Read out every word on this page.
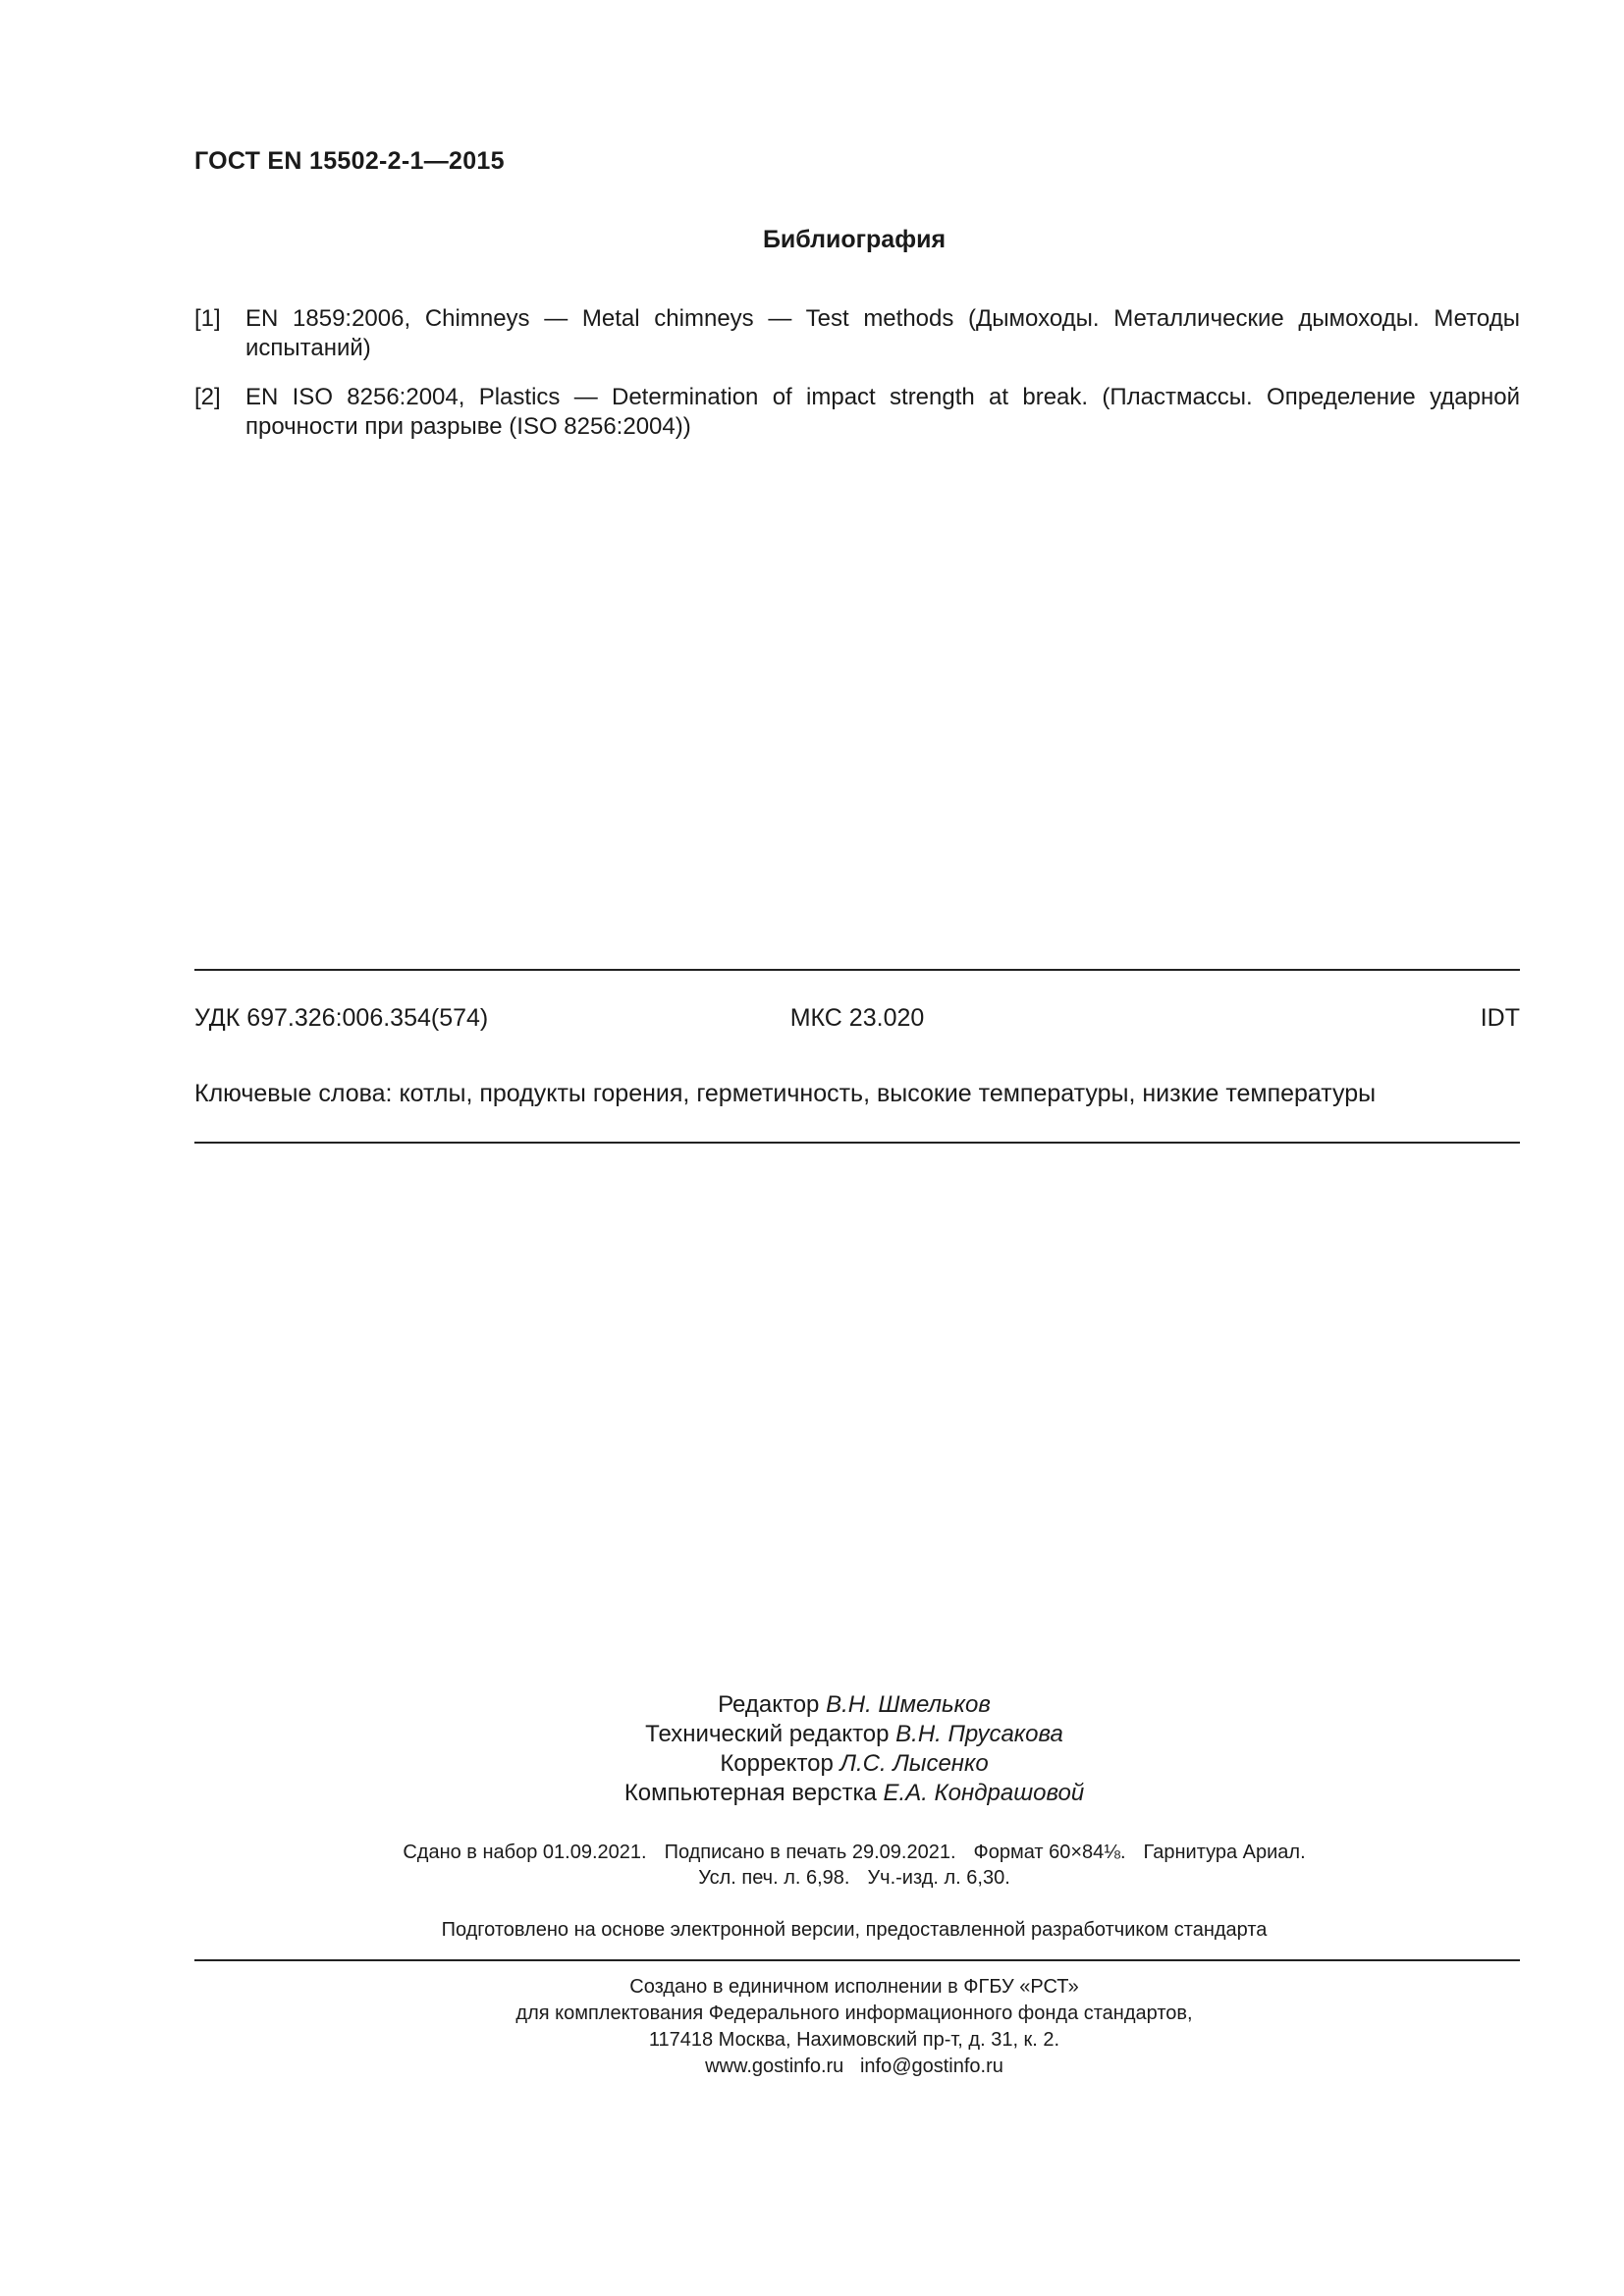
ГОСТ EN 15502-2-1—2015
Библиография
[1]	EN 1859:2006, Chimneys — Metal chimneys — Test methods (Дымоходы. Металлические дымоходы. Методы испытаний)
[2]	EN ISO 8256:2004, Plastics — Determination of impact strength at break. (Пластмассы. Определение ударной прочности при разрыве (ISO 8256:2004))
УДК 697.326:006.354(574)	МКС 23.020	IDT
Ключевые слова: котлы, продукты горения, герметичность, высокие температуры, низкие температуры
Редактор В.Н. Шмельков
Технический редактор В.Н. Прусакова
Корректор Л.С. Лысенко
Компьютерная верстка Е.А. Кондрашовой
Сдано в набор 01.09.2021. Подписано в печать 29.09.2021. Формат 60×84⅛. Гарнитура Ариал.
Усл. печ. л. 6,98. Уч.-изд. л. 6,30.
Подготовлено на основе электронной версии, предоставленной разработчиком стандарта
Создано в единичном исполнении в ФГБУ «РСТ»
для комплектования Федерального информационного фонда стандартов,
117418 Москва, Нахимовский пр-т, д. 31, к. 2.
www.gostinfo.ru info@gostinfo.ru
